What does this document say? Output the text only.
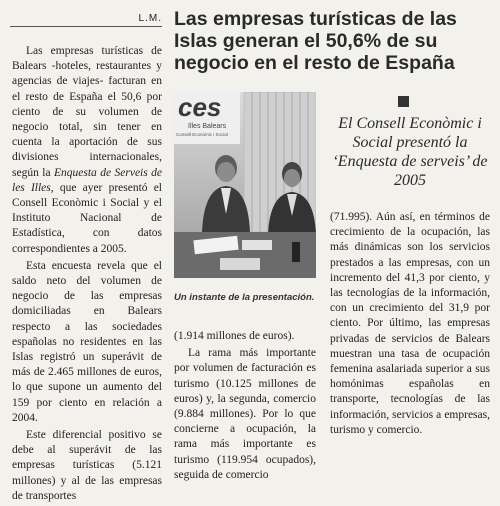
L.M.

Las empresas turísticas de Balears -hoteles, restaurantes y agencias de viajes- facturan en el resto de España el 50,6 por ciento de su volumen de negocio total, sin tener en cuenta la aportación de sus divisiones internacionales, según la Enquesta de Serveis de les Illes, que ayer presentó el Consell Econòmic i Social y el Instituto Nacional de Estadística, con datos correspondientes a 2005.

Esta encuesta revela que el saldo neto del volumen de negocio de las empresas domiciliadas en Balears respecto a las sociedades españolas no residentes en las Islas registró un superávit de más de 2.465 millones de euros, lo que supone un aumento del 159 por ciento en relación a 2004.

Este diferencial positivo se debe al superávit de las empresas turísticas (5.121 millones) y al de las empresas de transportes

Las empresas turísticas de las Islas generan el 50,6% de su negocio en el resto de España
ces
Illes Balears
Consell Econòmic i Social
Un instante de la presentación.
El Consell Econòmic i Social presentó la ‘Enquesta de serveis’ de 2005

(1.914 millones de euros).

La rama más importante por volumen de facturación es turismo (10.125 millones de euros) y, la segunda, comercio (9.884 millones). Por lo que concierne a ocupación, la rama más importante es turismo (119.954 ocupados), seguida de comercio

(71.995). Aún así, en términos de crecimiento de la ocupación, las más dinámicas son los servicios prestados a las empresas, con un incremento del 41,3 por ciento, y las tecnologías de la información, con un crecimiento del 31,9 por ciento. Por último, las empresas privadas de servicios de Balears muestran una tasa de ocupación femenina asalariada superior a sus homónimas españolas en transporte, tecnologías de las información, servicios a empresas, turismo y comercio.
